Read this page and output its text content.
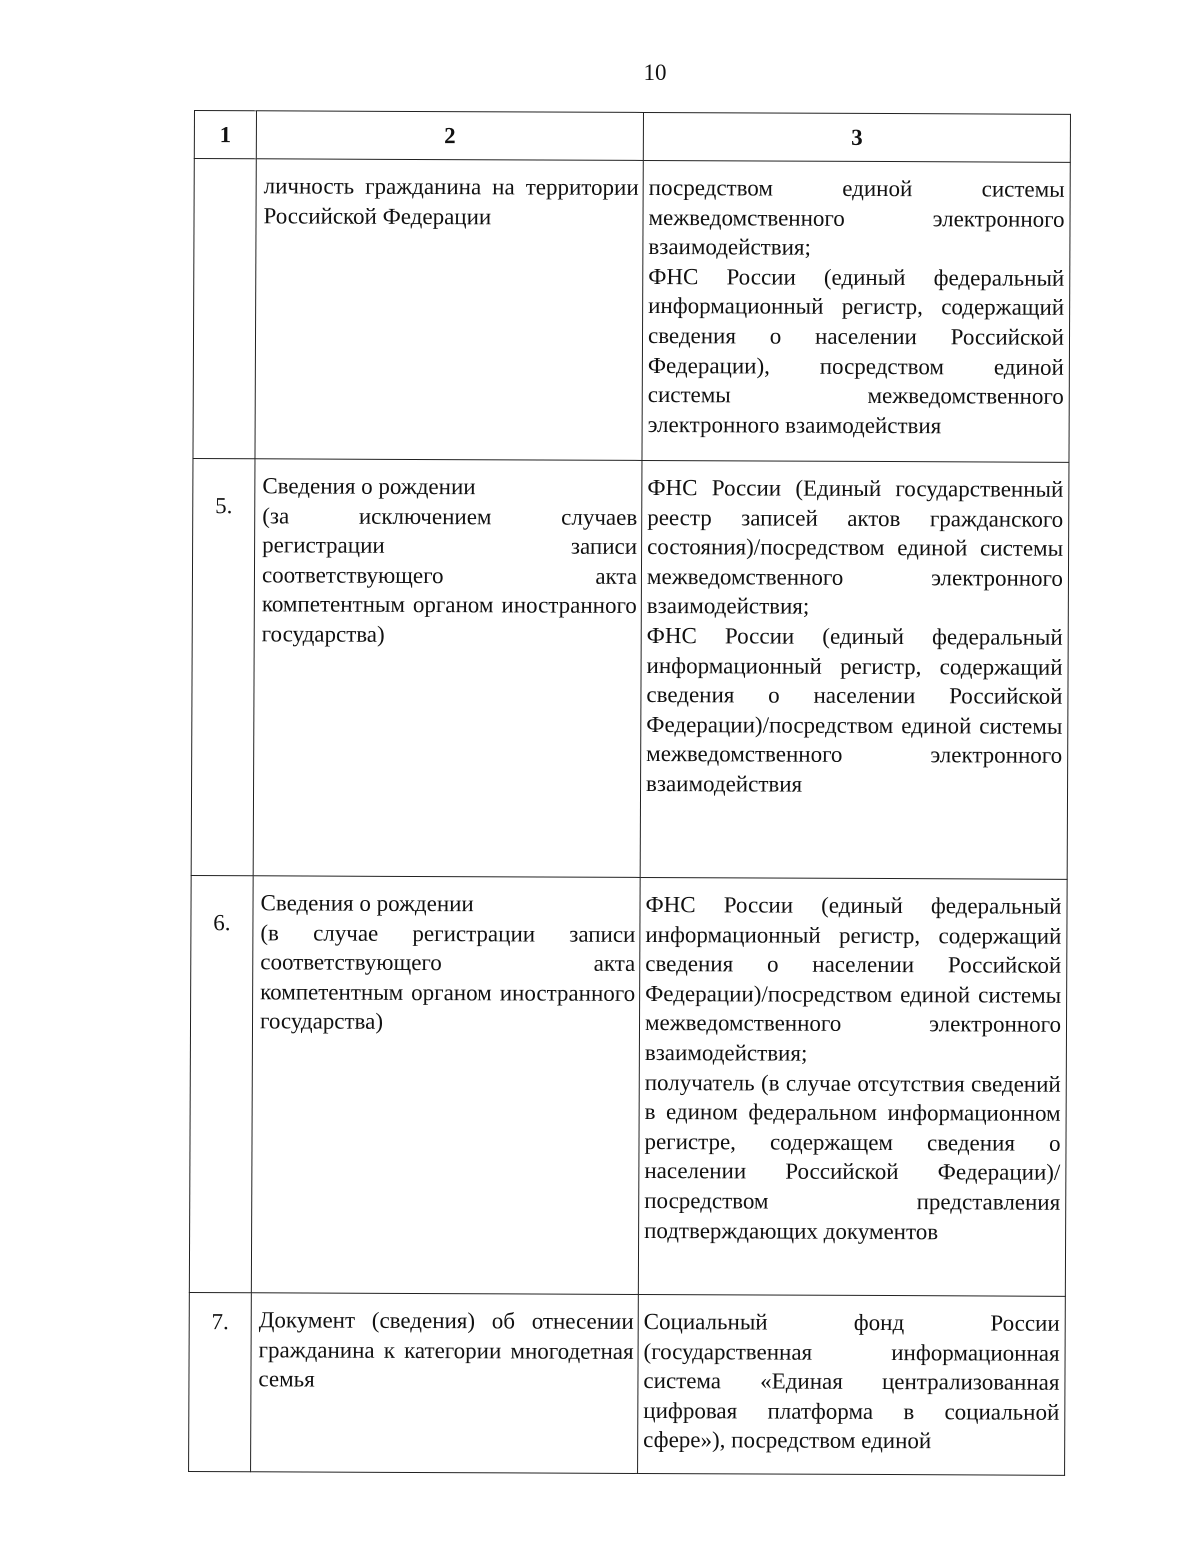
10
1	2	3

	личность гражданина на территории Российской Федерации	посредством единой системы межведомственного электронного взаимодействия;
ФНС России (единый федеральный информационный регистр, содержащий сведения о населении Российской Федерации), посредством единой системы межведомственного электронного взаимодействия

5.	Сведения о рождении
(за исключением случаев регистрации записи соответствующего акта компетентным органом иностранного государства)	ФНС России (Единый государственный реестр записей актов гражданского состояния)/посредством единой системы межведомственного электронного взаимодействия;
ФНС России (единый федеральный информационный регистр, содержащий сведения о населении Российской Федерации)/посредством единой системы межведомственного электронного взаимодействия

6.	Сведения о рождении
(в случае регистрации записи соответствующего акта компетентным органом иностранного государства)	ФНС России (единый федеральный информационный регистр, содержащий сведения о населении Российской Федерации)/посредством единой системы межведомственного электронного взаимодействия;
получатель (в случае отсутствия сведений в едином федеральном информационном регистре, содержащем сведения о населении Российской Федерации)/посредством представления подтверждающих документов

7.	Документ (сведения) об отнесении гражданина к категории многодетная семья	Социальный фонд России (государственная информационная система «Единая централизованная цифровая платформа в социальной сфере»), посредством единой
